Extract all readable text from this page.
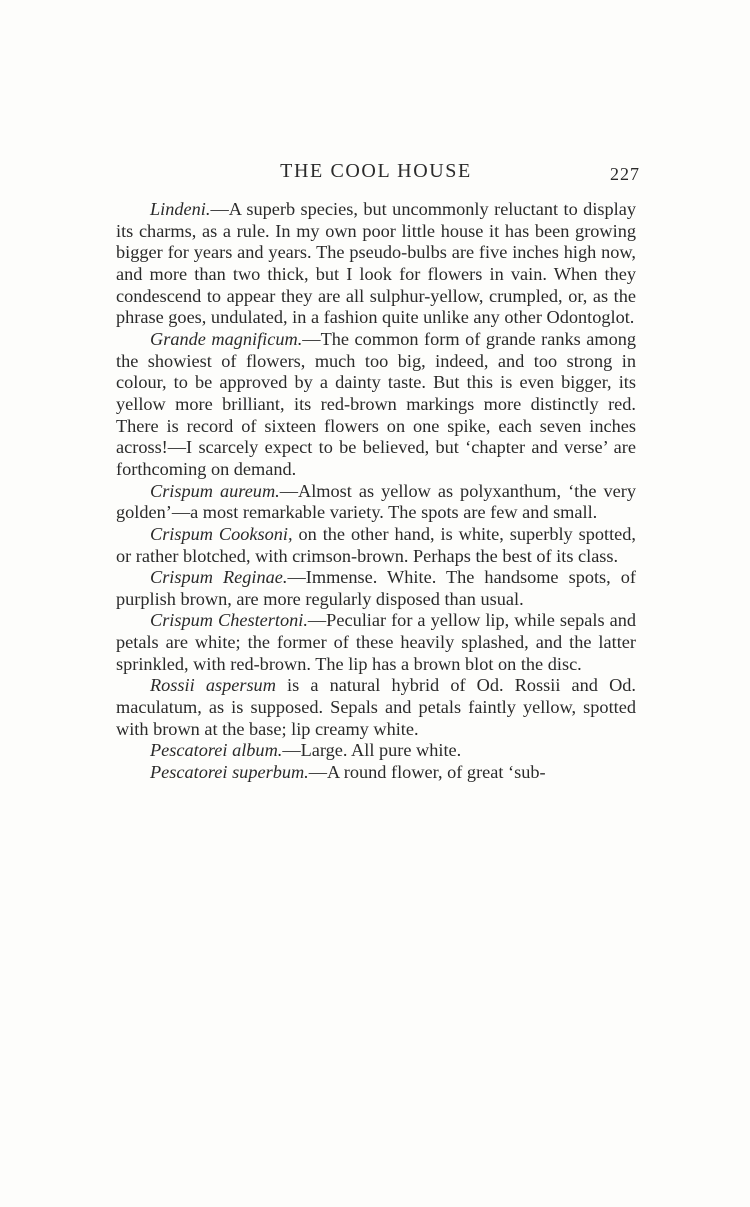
THE COOL HOUSE	227

Lindeni.—A superb species, but uncommonly reluctant to display its charms, as a rule. In my own poor little house it has been growing bigger for years and years. The pseudo-bulbs are five inches high now, and more than two thick, but I look for flowers in vain. When they condescend to appear they are all sulphur-yellow, crumpled, or, as the phrase goes, undulated, in a fashion quite unlike any other Odontoglot.

Grande magnificum.—The common form of grande ranks among the showiest of flowers, much too big, indeed, and too strong in colour, to be approved by a dainty taste. But this is even bigger, its yellow more brilliant, its red-brown markings more distinctly red. There is record of sixteen flowers on one spike, each seven inches across!—I scarcely expect to be believed, but ‘chapter and verse’ are forthcoming on demand.

Crispum aureum.—Almost as yellow as polyxanthum, ‘the very golden’—a most remarkable variety. The spots are few and small.

Crispum Cooksoni, on the other hand, is white, superbly spotted, or rather blotched, with crimson-brown. Perhaps the best of its class.

Crispum Reginae.—Immense. White. The handsome spots, of purplish brown, are more regularly disposed than usual.

Crispum Chestertoni.—Peculiar for a yellow lip, while sepals and petals are white; the former of these heavily splashed, and the latter sprinkled, with red-brown. The lip has a brown blot on the disc.

Rossii aspersum is a natural hybrid of Od. Rossii and Od. maculatum, as is supposed. Sepals and petals faintly yellow, spotted with brown at the base; lip creamy white.

Pescatorei album.—Large. All pure white.

Pescatorei superbum.—A round flower, of great ‘sub-
